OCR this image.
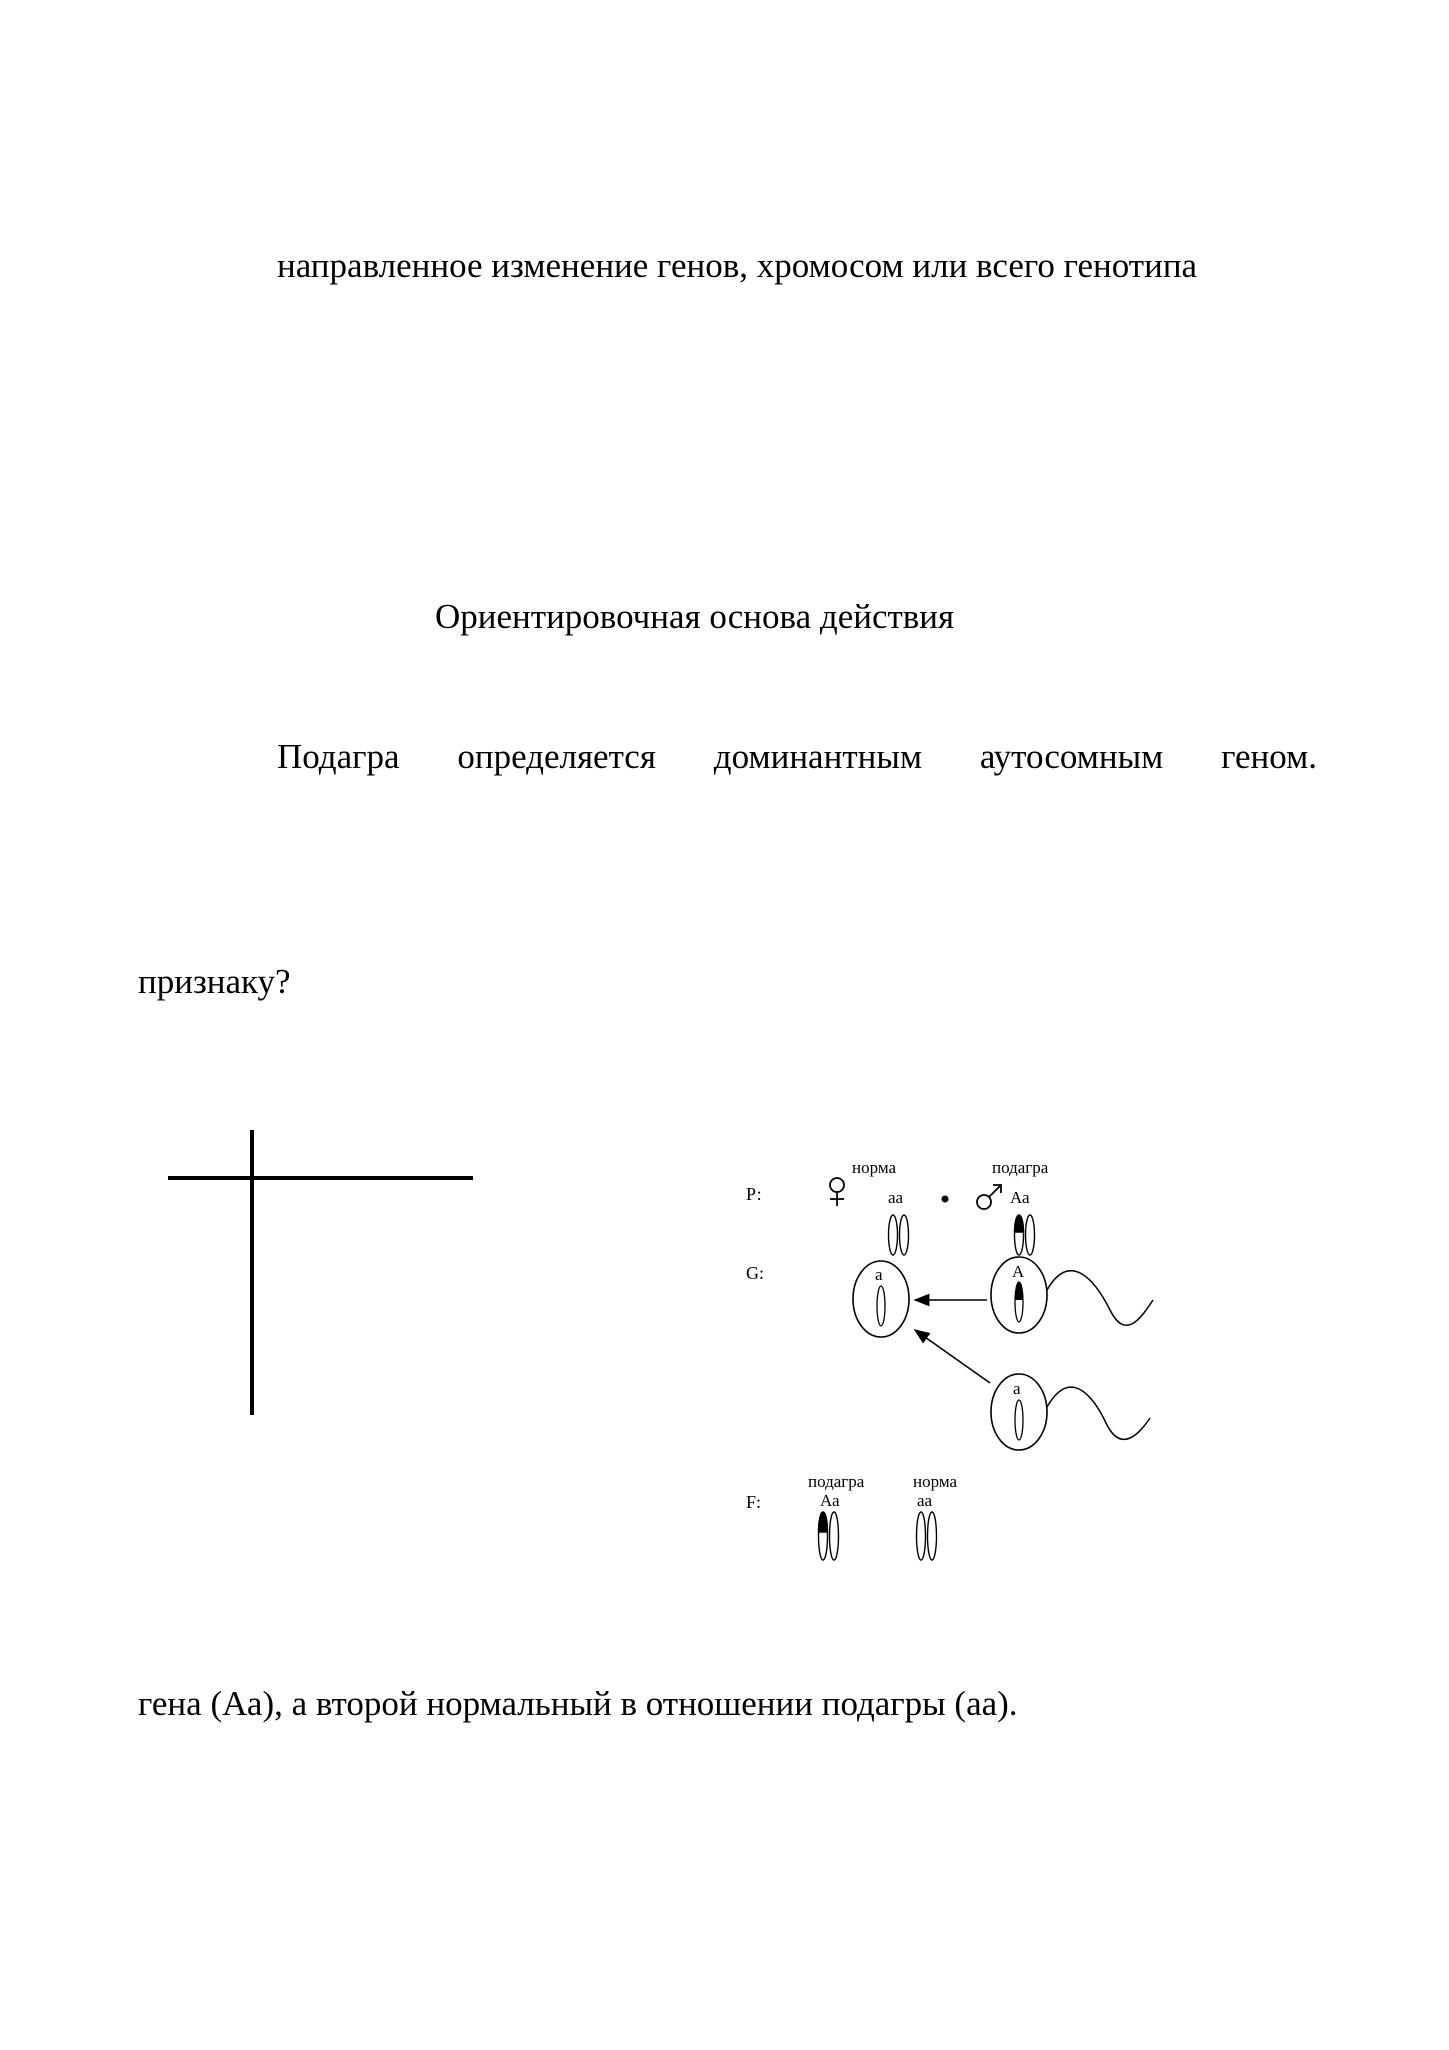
направленное изменение генов, хромосом или всего генотипа

Ориентировочная основа действия

Подагра определяется доминантным аутосомным геном.

признаку?

Р:
G:
F:
норма	подагра
аа	Аа
а	А
а
подагра
Аа
норма
аа

гена (Аа), а второй нормальный в отношении подагры (аа).
